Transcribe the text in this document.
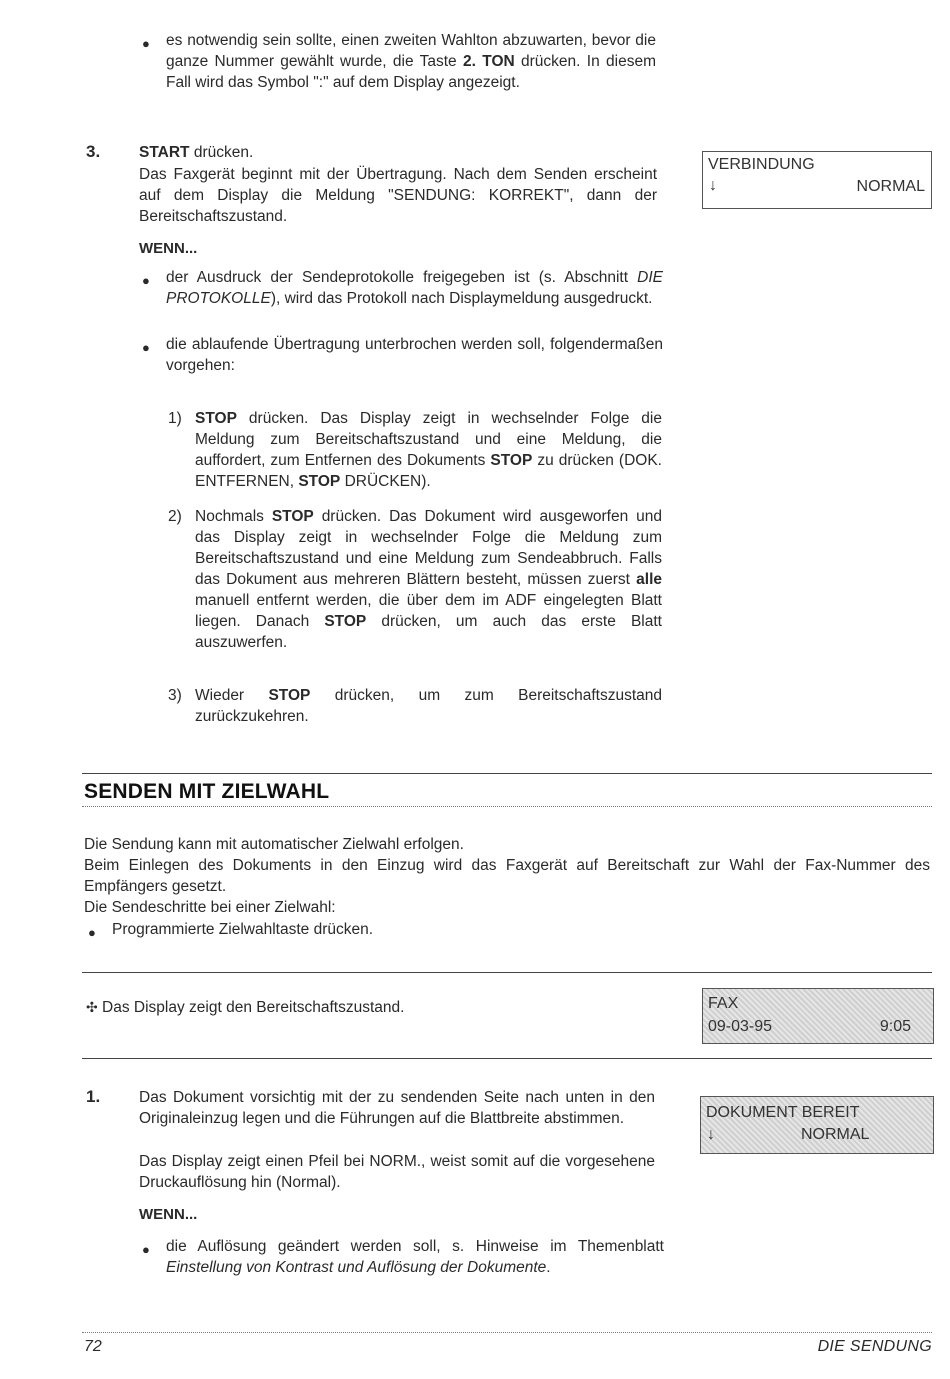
● es notwendig sein sollte, einen zweiten Wahlton abzuwarten, bevor die ganze Nummer gewählt wurde, die Taste 2. TON drücken. In diesem Fall wird das Symbol ":" auf dem Display angezeigt.
3.	START drücken.
Das Faxgerät beginnt mit der Übertragung. Nach dem Senden erscheint auf dem Display die Meldung "SENDUNG: KORREKT", dann der Bereitschaftszustand.
WENN...
● der Ausdruck der Sendeprotokolle freigegeben ist (s. Abschnitt DIE PROTOKOLLE), wird das Protokoll nach Displaymeldung ausgedruckt.
● die ablaufende Übertragung unterbrochen werden soll, folgendermaßen vorgehen:
VERBINDUNG
↓	NORMAL
1) STOP drücken. Das Display zeigt in wechselnder Folge die Meldung zum Bereitschaftszustand und eine Meldung, die auffordert, zum Entfernen des Dokuments STOP zu drücken (DOK. ENTFERNEN, STOP DRÜCKEN).
2) Nochmals STOP drücken. Das Dokument wird ausgeworfen und das Display zeigt in wechselnder Folge die Meldung zum Bereitschaftszustand und eine Meldung zum Sendeabbruch. Falls das Dokument aus mehreren Blättern besteht, müssen zuerst alle manuell entfernt werden, die über dem im ADF eingelegten Blatt liegen. Danach STOP drücken, um auch das erste Blatt auszuwerfen.
3) Wieder STOP drücken, um zum Bereitschaftszustand zurückzukehren.
SENDEN MIT ZIELWAHL
Die Sendung kann mit automatischer Zielwahl erfolgen.
Beim Einlegen des Dokuments in den Einzug wird das Faxgerät auf Bereitschaft zur Wahl der Fax-Nummer des Empfängers gesetzt.
Die Sendeschritte bei einer Zielwahl:
● Programmierte Zielwahltaste drücken.
✣ Das Display zeigt den Bereitschaftszustand.	FAX
09-03-95	9:05
1.	Das Dokument vorsichtig mit der zu sendenden Seite nach unten in den Originaleinzug legen und die Führungen auf die Blattbreite abstimmen.
Das Display zeigt einen Pfeil bei NORM., weist somit auf die vorgesehene Druckauflösung hin (Normal).
WENN...
● die Auflösung geändert werden soll, s. Hinweise im Themenblatt Einstellung von Kontrast und Auflösung der Dokumente.
DOKUMENT BEREIT
↓	NORMAL
72	DIE SENDUNG
